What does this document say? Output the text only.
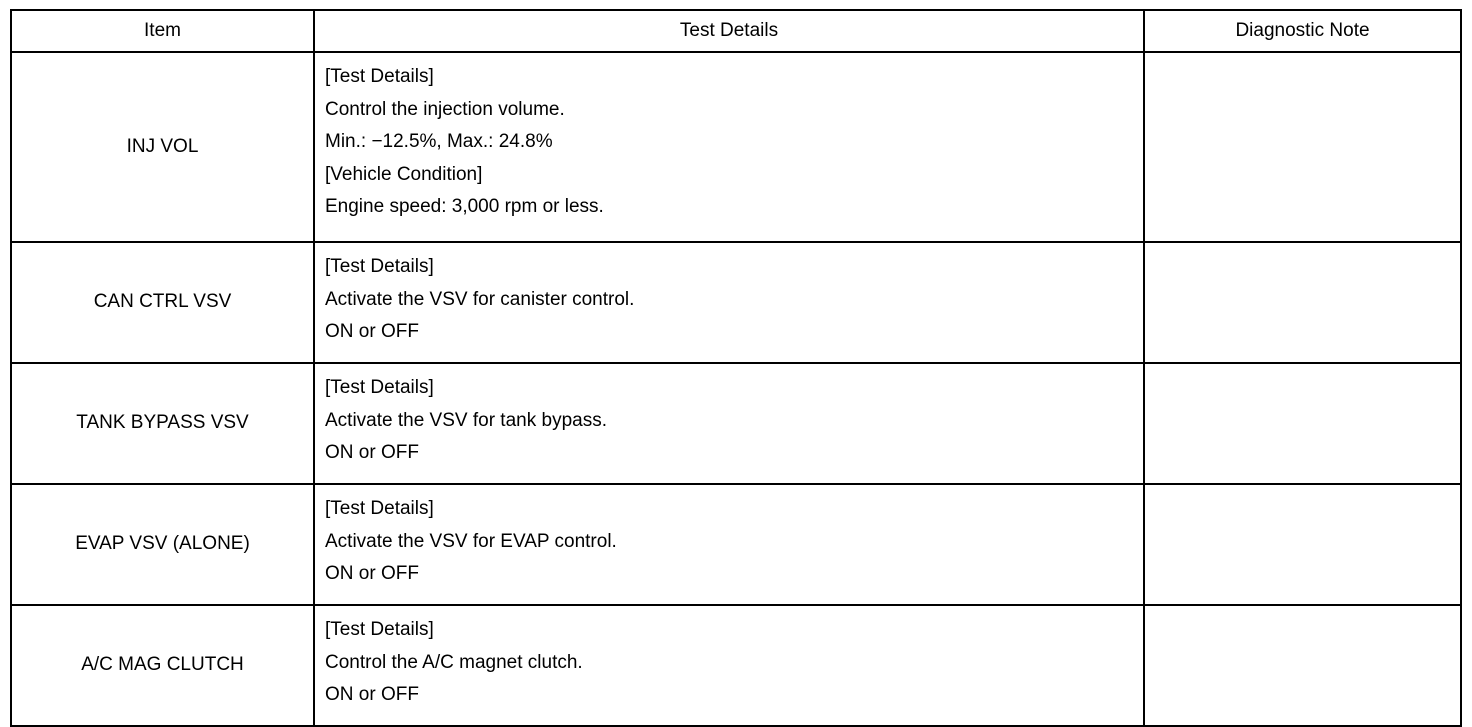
Item	Test Details	Diagnostic Note
INJ VOL	[Test Details]
Control the injection volume.
Min.: −12.5%, Max.: 24.8%
[Vehicle Condition]
Engine speed: 3,000 rpm or less.	

CAN CTRL VSV	[Test Details]
Activate the VSV for canister control.
ON or OFF	

TANK BYPASS VSV	[Test Details]
Activate the VSV for tank bypass.
ON or OFF	

EVAP VSV (ALONE)	[Test Details]
Activate the VSV for EVAP control.
ON or OFF	

A/C MAG CLUTCH	[Test Details]
Control the A/C magnet clutch.
ON or OFF	
